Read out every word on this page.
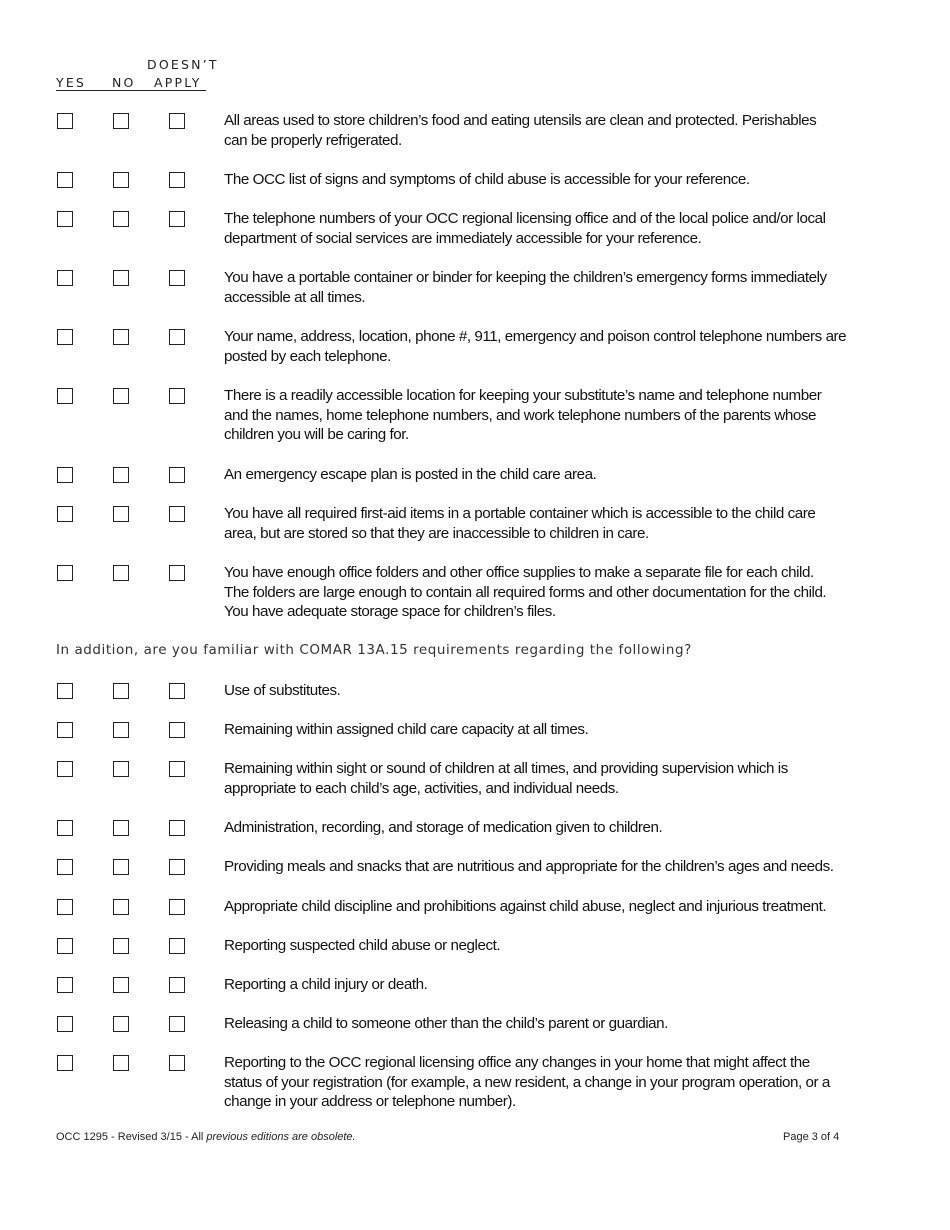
DOESN’T
YES NO APPLY
All areas used to store children’s food and eating utensils are clean and protected. Perishables
can be properly refrigerated.
The OCC list of signs and symptoms of child abuse is accessible for your reference.
The telephone numbers of your OCC regional licensing office and of the local police and/or local
department of social services are immediately accessible for your reference.
You have a portable container or binder for keeping the children’s emergency forms immediately
accessible at all times.
Your name, address, location, phone #, 911, emergency and poison control telephone numbers are
posted by each telephone.
There is a readily accessible location for keeping your substitute’s name and telephone number
and the names, home telephone numbers, and work telephone numbers of the parents whose
children you will be caring for.
An emergency escape plan is posted in the child care area.
You have all required first-aid items in a portable container which is accessible to the child care
area, but are stored so that they are inaccessible to children in care.
You have enough office folders and other office supplies to make a separate file for each child.
The folders are large enough to contain all required forms and other documentation for the child.
You have adequate storage space for children’s files.
In addition, are you familiar with COMAR 13A.15 requirements regarding the following?
Use of substitutes.
Remaining within assigned child care capacity at all times.
Remaining within sight or sound of children at all times, and providing supervision which is
appropriate to each child’s age, activities, and individual needs.
Administration, recording, and storage of medication given to children.
Providing meals and snacks that are nutritious and appropriate for the children’s ages and needs.
Appropriate child discipline and prohibitions against child abuse, neglect and injurious treatment.
Reporting suspected child abuse or neglect.
Reporting a child injury or death.
Releasing a child to someone other than the child’s parent or guardian.
Reporting to the OCC regional licensing office any changes in your home that might affect the
status of your registration (for example, a new resident, a change in your program operation, or a
change in your address or telephone number).
OCC 1295 - Revised 3/15 - All previous editions are obsolete.	Page 3 of 4
